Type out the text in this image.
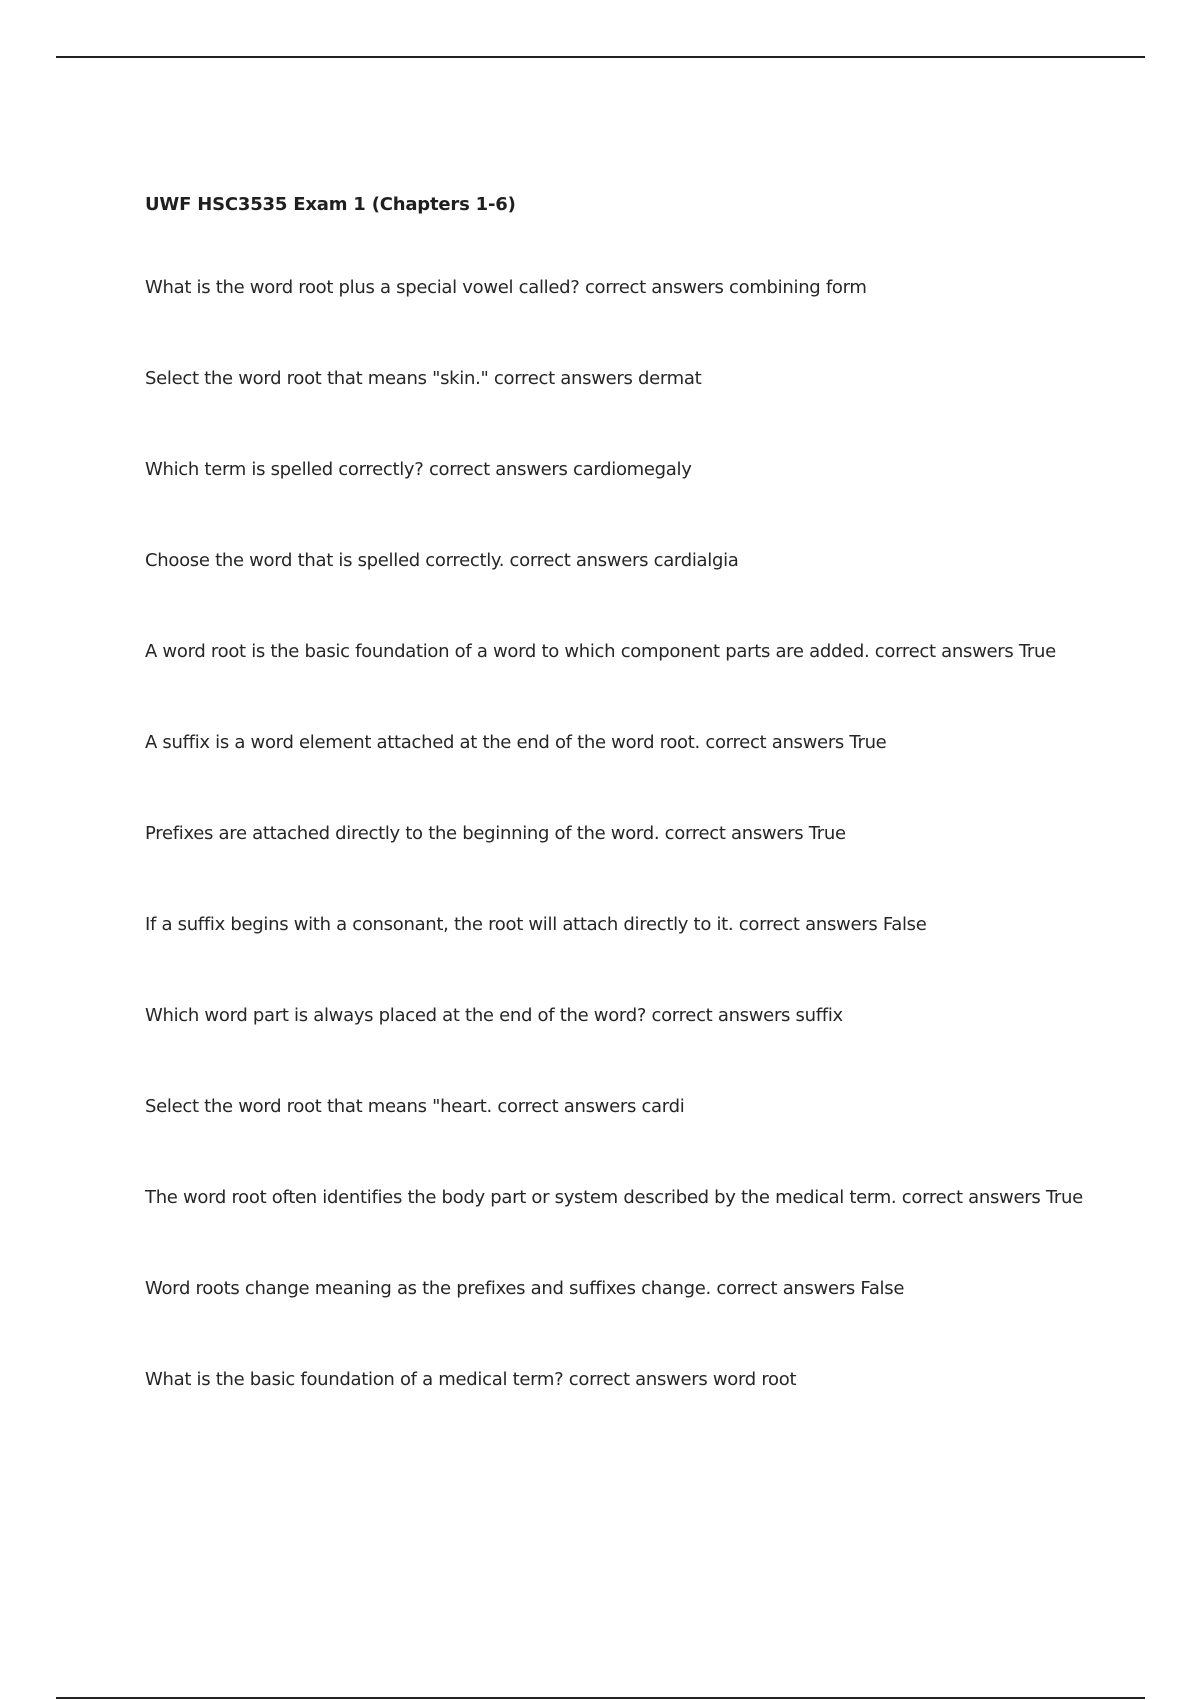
UWF HSC3535 Exam 1 (Chapters 1-6)
What is the word root plus a special vowel called? correct answers combining form
Select the word root that means "skin." correct answers dermat
Which term is spelled correctly? correct answers cardiomegaly
Choose the word that is spelled correctly. correct answers cardialgia
A word root is the basic foundation of a word to which component parts are added. correct answers True
A suffix is a word element attached at the end of the word root. correct answers True
Prefixes are attached directly to the beginning of the word. correct answers True
If a suffix begins with a consonant, the root will attach directly to it. correct answers False
Which word part is always placed at the end of the word? correct answers suffix
Select the word root that means "heart. correct answers cardi
The word root often identifies the body part or system described by the medical term. correct answers True
Word roots change meaning as the prefixes and suffixes change. correct answers False
What is the basic foundation of a medical term? correct answers word root
